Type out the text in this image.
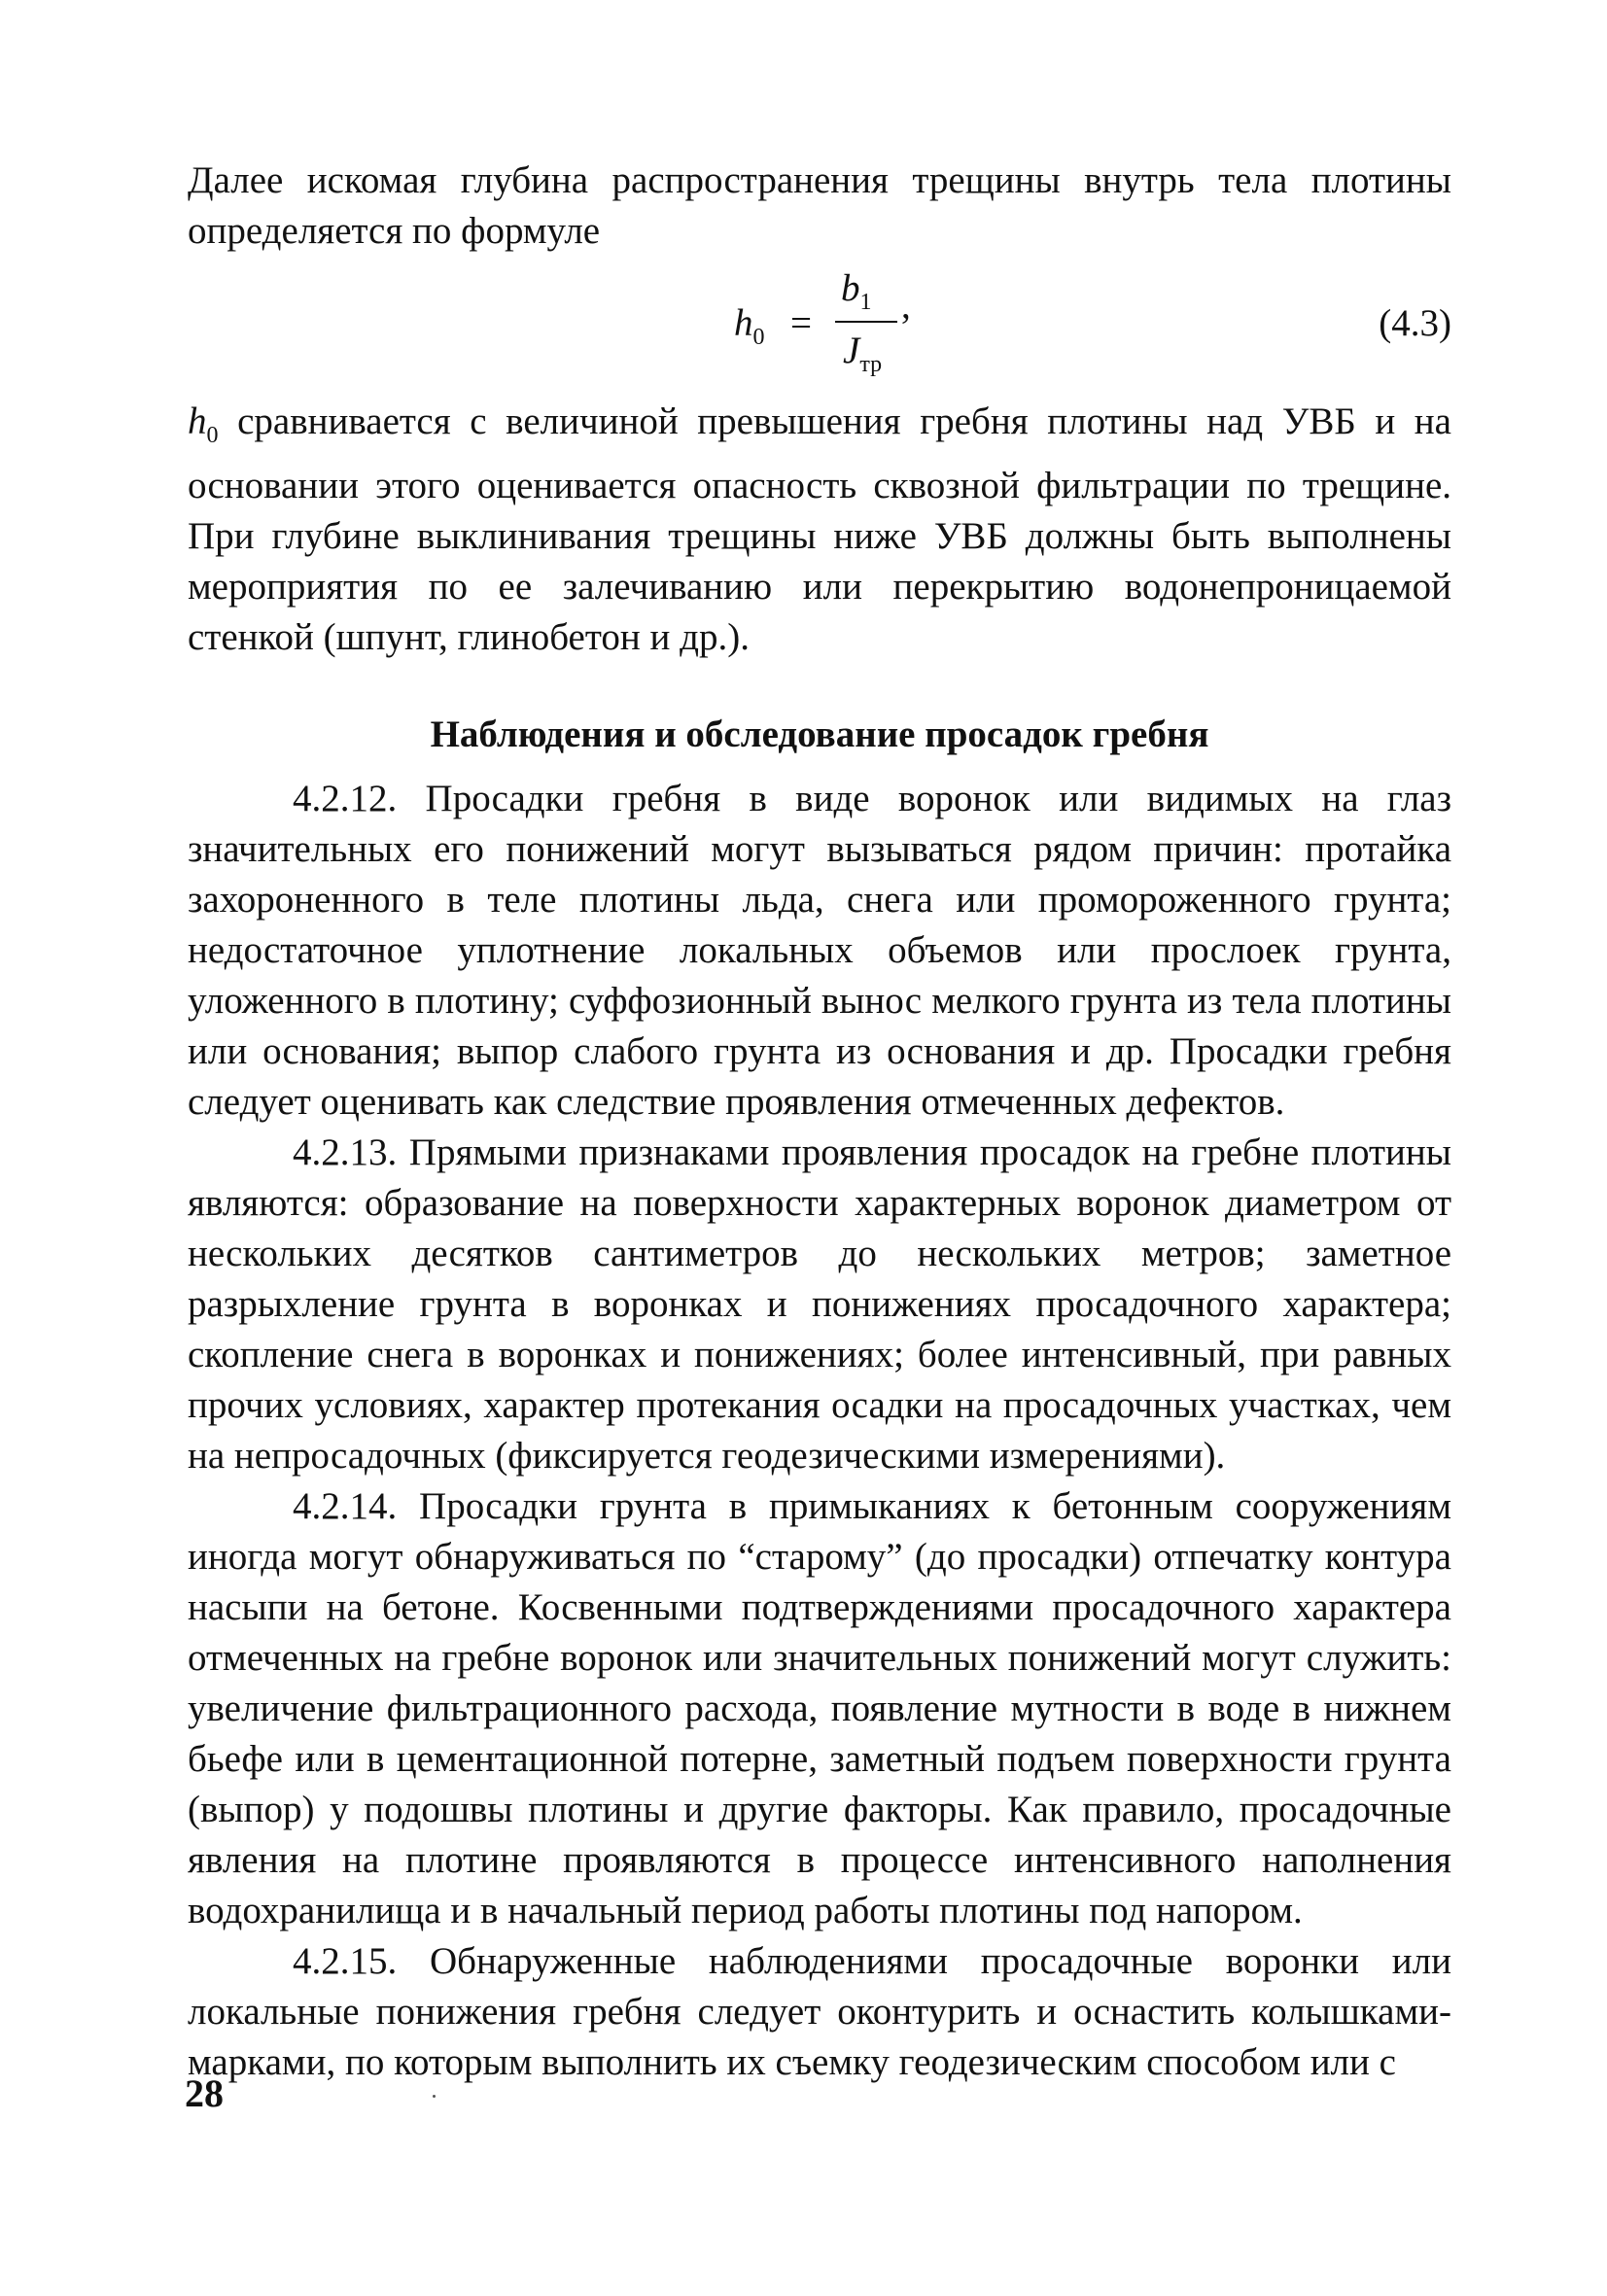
Далее искомая глубина распространения трещины внутрь тела плотины определяется по формуле

$h_0$ =
$b_1$ ,
$J_{тр}$
(4.3)

$h_0$ сравнивается с величиной превышения гребня плотины над УВБ и на основании этого оценивается опасность сквозной фильтрации по трещине. При глубине выклинивания трещины ниже УВБ должны быть выполнены мероприятия по ее залечиванию или перекрытию водонепроницаемой стенкой (шпунт, глинобетон и др.).

Наблюдения и обследование просадок гребня

4.2.12. Просадки гребня в виде воронок или видимых на глаз значительных его понижений могут вызываться рядом причин: протайка захороненного в теле плотины льда, снега или промороженного грунта; недостаточное уплотнение локальных объемов или прослоек грунта, уложенного в плотину; суффозионный вынос мелкого грунта из тела плотины или основания; выпор слабого грунта из основания и др. Просадки гребня следует оценивать как следствие проявления отмеченных дефектов.

4.2.13. Прямыми признаками проявления просадок на гребне плотины являются: образование на поверхности характерных воронок диаметром от нескольких десятков сантиметров до нескольких метров; заметное разрыхление грунта в воронках и понижениях просадочного характера; скопление снега в воронках и понижениях; более интенсивный, при равных прочих условиях, характер протекания осадки на просадочных участках, чем на непросадочных (фиксируется геодезическими измерениями).

4.2.14. Просадки грунта в примыканиях к бетонным сооружениям иногда могут обнаруживаться по “старому” (до просадки) отпечатку контура насыпи на бетоне. Косвенными подтверждениями просадочного характера отмеченных на гребне воронок или значительных понижений могут служить: увеличение фильтрационного расхода, появление мутности в воде в нижнем бьефе или в цементационной потерне, заметный подъем поверхности грунта (выпор) у подошвы плотины и другие факторы. Как правило, просадочные явления на плотине проявляются в процессе интенсивного наполнения водохранилища и в начальный период работы плотины под напором.

4.2.15. Обнаруженные наблюдениями просадочные воронки или локальные понижения гребня следует оконтурить и оснастить колышками-марками, по которым выполнить их съемку геодезическим способом или с

28
